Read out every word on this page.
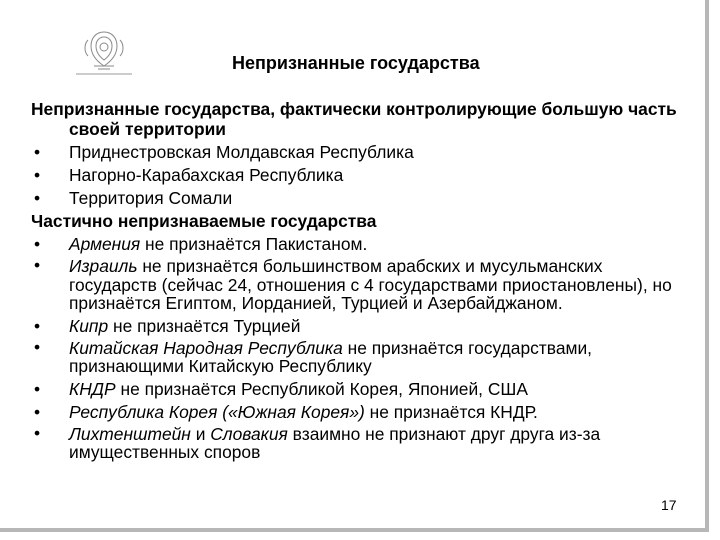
Непризнанные государства
Непризнанные государства, фактически контролирующие большую часть своей территории
• Приднестровская Молдавская Республика
• Нагорно-Карабахская Республика
• Территория Сомали
Частично непризнаваемые государства
• Армения не признаётся Пакистаном.
• Израиль не признаётся большинством арабских и мусульманских государств (сейчас 24, отношения с 4 государствами приостановлены), но признаётся Египтом, Иорданией, Турцией и Азербайджаном.
• Кипр не признаётся Турцией
• Китайская Народная Республика не признаётся государствами, признающими Китайскую Республику
• КНДР не признаётся Республикой Корея, Японией, США
• Республика Корея («Южная Корея») не признаётся КНДР.
• Лихтенштейн и Словакия взаимно не признают друг друга из-за имущественных споров
17
